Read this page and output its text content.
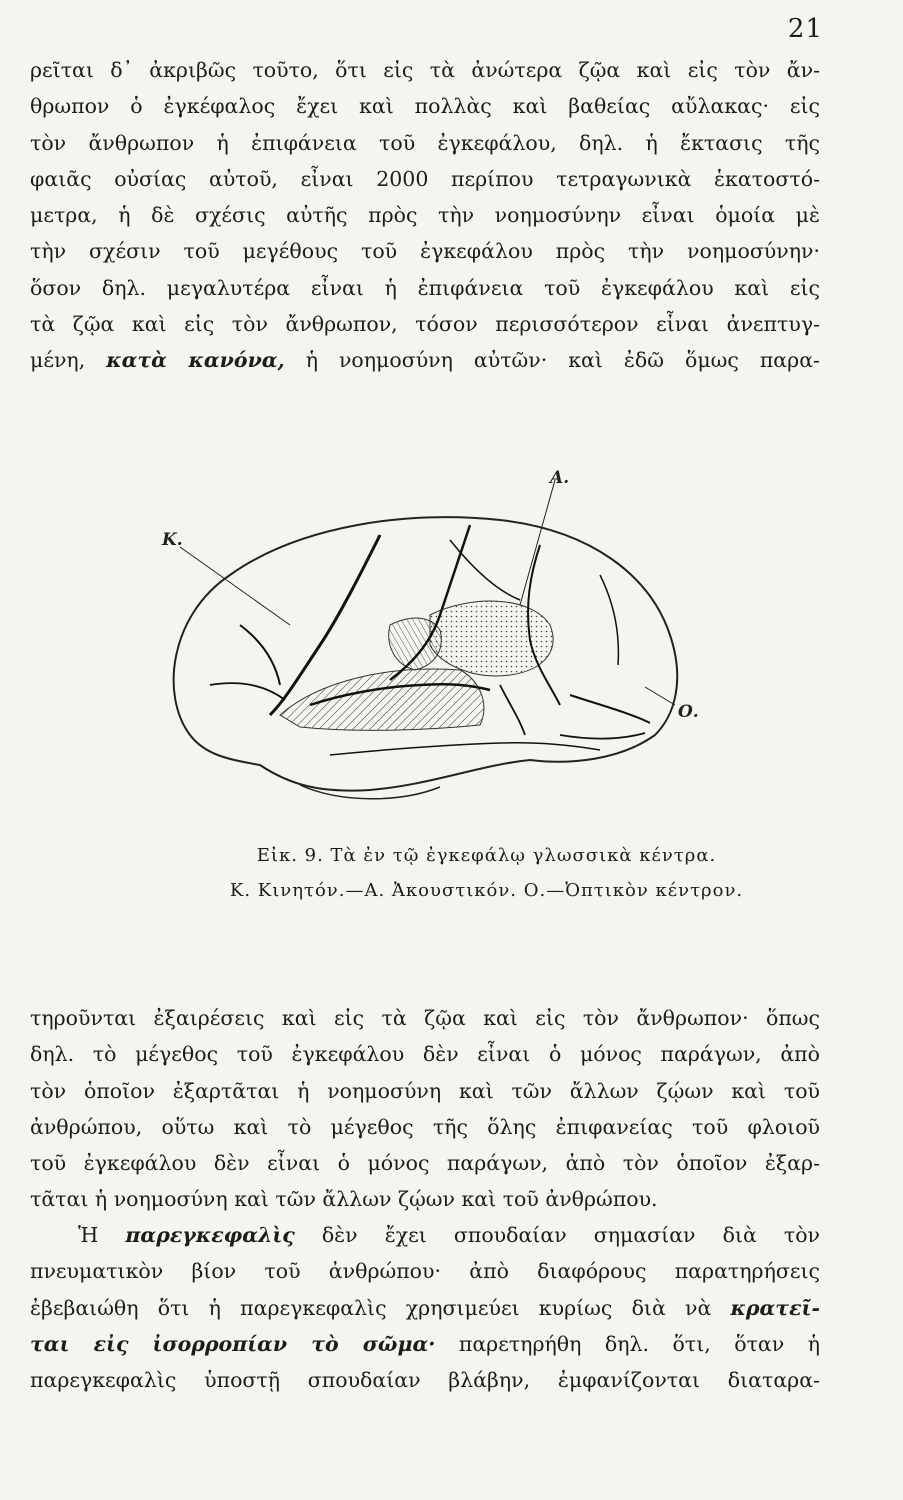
21

ρεῖται δ᾽ ἀκριβῶς τοῦτο, ὅτι εἰς τὰ ἀνώτερα ζῷα καὶ εἰς τὸν ἄν-
θρωπον ὁ ἐγκέφαλος ἔχει καὶ πολλὰς καὶ βαθείας αὔλακας· εἰς
τὸν ἄνθρωπον ἡ ἐπιφάνεια τοῦ ἐγκεφάλου, δηλ. ἡ ἔκτασις τῆς
φαιᾶς οὐσίας αὐτοῦ, εἶναι 2000 περίπου τετραγωνικὰ ἑκατοστό-
μετρα, ἡ δὲ σχέσις αὐτῆς πρὸς τὴν νοημοσύνην εἶναι ὁμοία μὲ
τὴν σχέσιν τοῦ μεγέθους τοῦ ἐγκεφάλου πρὸς τὴν νοημοσύνην·
ὅσον δηλ. μεγαλυτέρα εἶναι ἡ ἐπιφάνεια τοῦ ἐγκεφάλου καὶ εἰς
τὰ ζῷα καὶ εἰς τὸν ἄνθρωπον, τόσον περισσότερον εἶναι ἀνεπτυγ-
μένη, κατὰ κανόνα, ἡ νοημοσύνη αὐτῶν· καὶ ἐδῶ ὅμως παρα-

Κ.
Α.
Ο.
Εἰκ. 9. Τὰ ἐν τῷ ἐγκεφάλῳ γλωσσικὰ κέντρα.
Κ. Κινητόν.—Α. Ἀκουστικόν. Ο.—Ὀπτικὸν κέντρον.

τηροῦνται ἐξαιρέσεις καὶ εἰς τὰ ζῷα καὶ εἰς τὸν ἄνθρωπον· ὅπως
δηλ. τὸ μέγεθος τοῦ ἐγκεφάλου δὲν εἶναι ὁ μόνος παράγων, ἀπὸ
τὸν ὁποῖον ἐξαρτᾶται ἡ νοημοσύνη καὶ τῶν ἄλλων ζῴων καὶ τοῦ
ἀνθρώπου, οὕτω καὶ τὸ μέγεθος τῆς ὅλης ἐπιφανείας τοῦ φλοιοῦ
τοῦ ἐγκεφάλου δὲν εἶναι ὁ μόνος παράγων, ἀπὸ τὸν ὁποῖον ἐξαρ-
τᾶται ἡ νοημοσύνη καὶ τῶν ἄλλων ζῴων καὶ τοῦ ἀνθρώπου.

Ἡ παρεγκεφαλὶς δὲν ἔχει σπουδαίαν σημασίαν διὰ τὸν
πνευματικὸν βίον τοῦ ἀνθρώπου· ἀπὸ διαφόρους παρατηρήσεις
ἐβεβαιώθη ὅτι ἡ παρεγκεφαλὶς χρησιμεύει κυρίως διὰ νὰ κρατεῖ-
ται εἰς ἰσορροπίαν τὸ σῶμα· παρετηρήθη δηλ. ὅτι, ὅταν ἡ
παρεγκεφαλὶς ὑποστῇ σπουδαίαν βλάβην, ἐμφανίζονται διαταρα-
